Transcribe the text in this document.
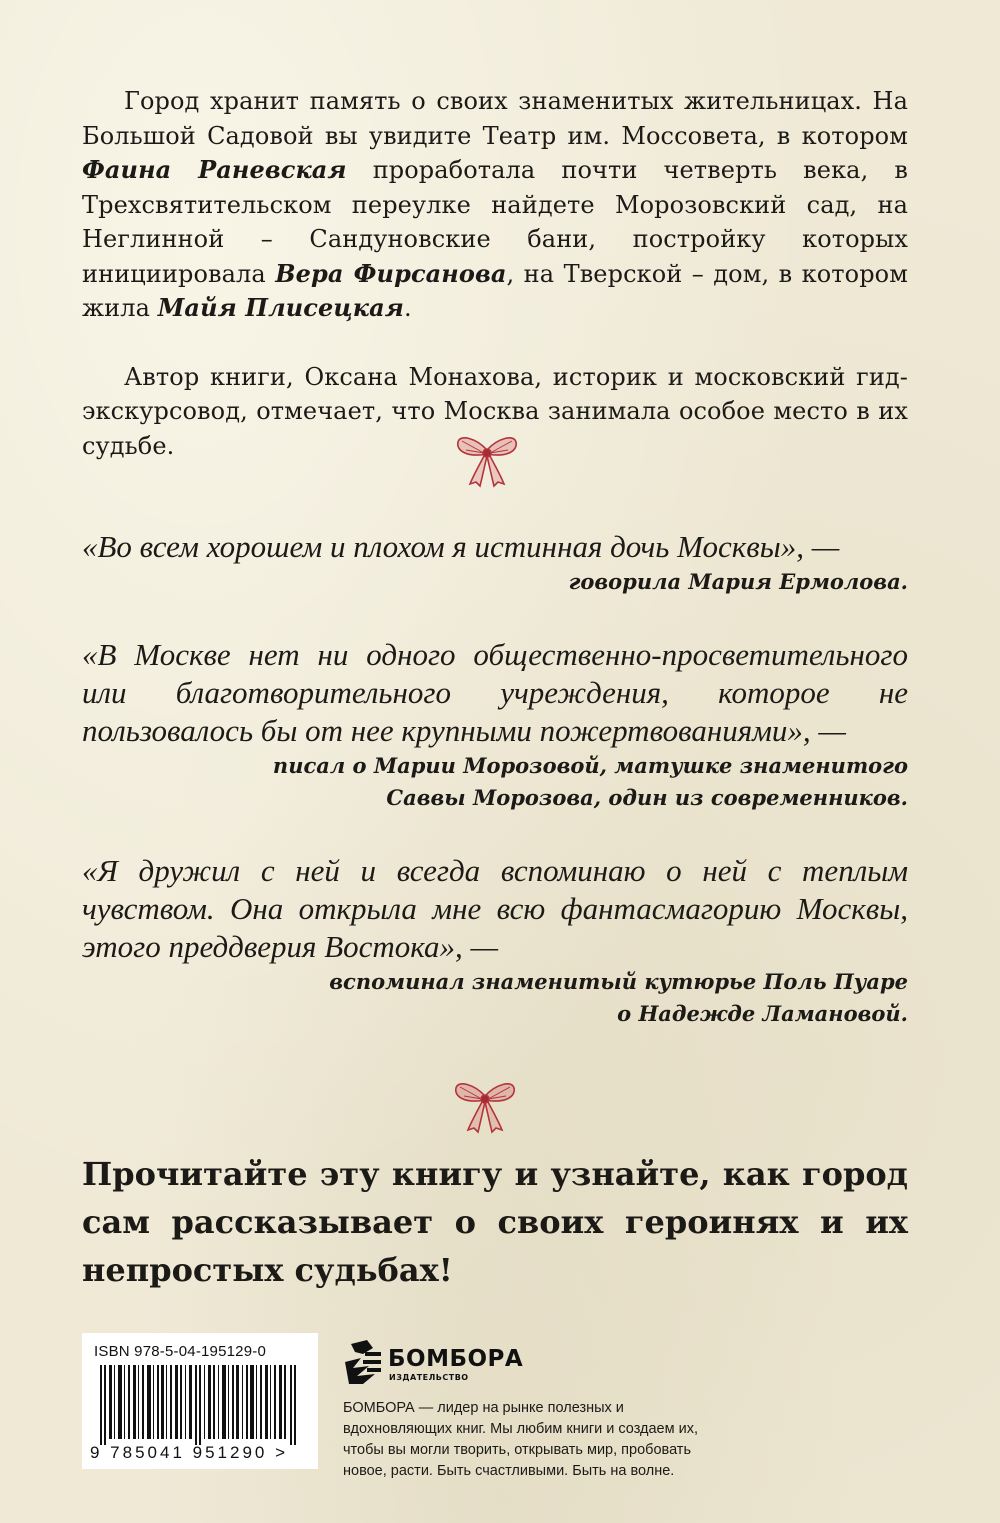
Город хранит память о своих знаменитых жительницах. На Большой Садовой вы увидите Театр им. Моссовета, в котором Фаина Раневская проработала почти четверть века, в Трехсвятительском переулке найдете Морозовский сад, на Неглинной – Сандуновские бани, постройку которых инициировала Вера Фирсанова, на Тверской – дом, в котором жила Майя Плисецкая.

Автор книги, Оксана Монахова, историк и московский гид-экскурсовод, отмечает, что Москва занимала особое место в их судьбе.

«Во всем хорошем и плохом я истинная дочь Москвы», —

говорила Мария Ермолова.

«В Москве нет ни одного общественно-просветительного или благотворительного учреждения, которое не пользовалось бы от нее крупными пожертвованиями», —

писал о Марии Морозовой, матушке знаменитого

Саввы Морозова, один из современников.

«Я дружил с ней и всегда вспоминаю о ней с теплым чувством. Она открыла мне всю фантасмагорию Москвы, этого преддверия Востока», —

вспоминал знаменитый кутюрье Поль Пуаре

о Надежде Ламановой.

Прочитайте эту книгу и узнайте, как город сам рассказывает о своих героинях и их непростых судьбах!

ISBN 978-5-04-195129-0
9 785041 951290 >
БОМБОРА
ИЗДАТЕЛЬСТВО
БОМБОРА — лидер на рынке полезных и вдохновляющих книг. Мы любим книги и создаем их, чтобы вы могли творить, открывать мир, пробовать новое, расти. Быть счастливыми. Быть на волне.
